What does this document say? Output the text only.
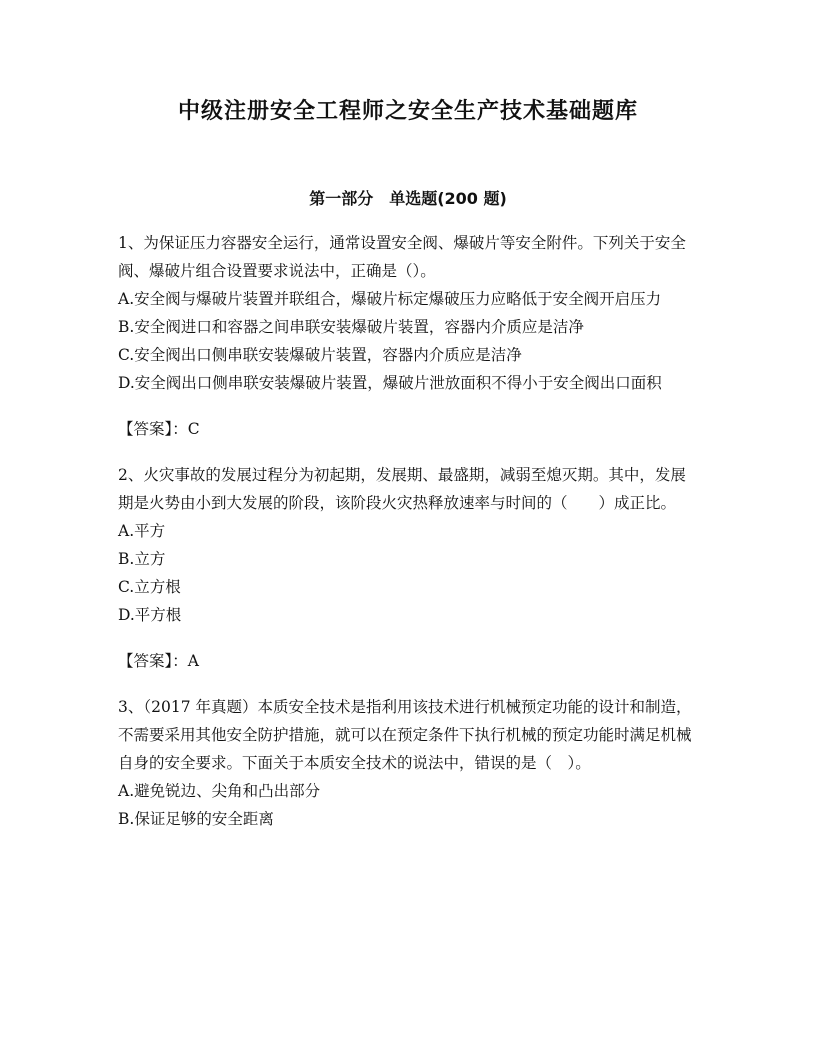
中级注册安全工程师之安全生产技术基础题库
第一部分　单选题(200 题)

1、为保证压力容器安全运行，通常设置安全阀、爆破片等安全附件。下列关于安全阀、爆破片组合设置要求说法中，正确是（）。

A.安全阀与爆破片装置并联组合，爆破片标定爆破压力应略低于安全阀开启压力

B.安全阀进口和容器之间串联安装爆破片装置，容器内介质应是洁净

C.安全阀出口侧串联安装爆破片装置，容器内介质应是洁净

D.安全阀出口侧串联安装爆破片装置，爆破片泄放面积不得小于安全阀出口面积

【答案】：C

2、火灾事故的发展过程分为初起期，发展期、最盛期，减弱至熄灭期。其中，发展期是火势由小到大发展的阶段，该阶段火灾热释放速率与时间的（　　）成正比。

A.平方

B.立方

C.立方根

D.平方根

【答案】：A

3、（2017 年真题）本质安全技术是指利用该技术进行机械预定功能的设计和制造，不需要采用其他安全防护措施，就可以在预定条件下执行机械的预定功能时满足机械自身的安全要求。下面关于本质安全技术的说法中，错误的是（　）。

A.避免锐边、尖角和凸出部分

B.保证足够的安全距离
